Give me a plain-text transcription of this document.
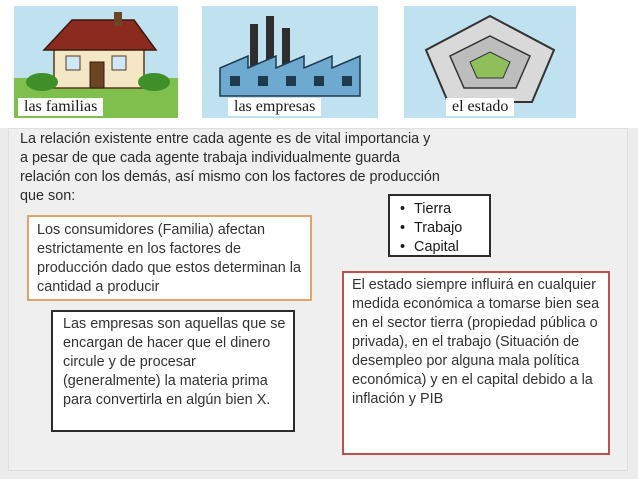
las familias	las empresas	el estado
La relación existente entre cada agente es de vital importancia y a pesar de que cada agente trabaja individualmente guarda relación con los demás, así mismo con los factores de producción que son:
• Tierra
• Trabajo
• Capital
Los consumidores (Familia) afectan estrictamente en los factores de producción dado que estos determinan la cantidad a producir
Las empresas son aquellas que se encargan de hacer que el dinero circule y de procesar (generalmente) la materia prima para convertirla en algún bien X.
El estado siempre influirá en cualquier medida económica a tomarse bien sea en el sector tierra (propiedad pública o privada), en el trabajo (Situación de desempleo por alguna mala política económica) y en el capital debido a la inflación y PIB
